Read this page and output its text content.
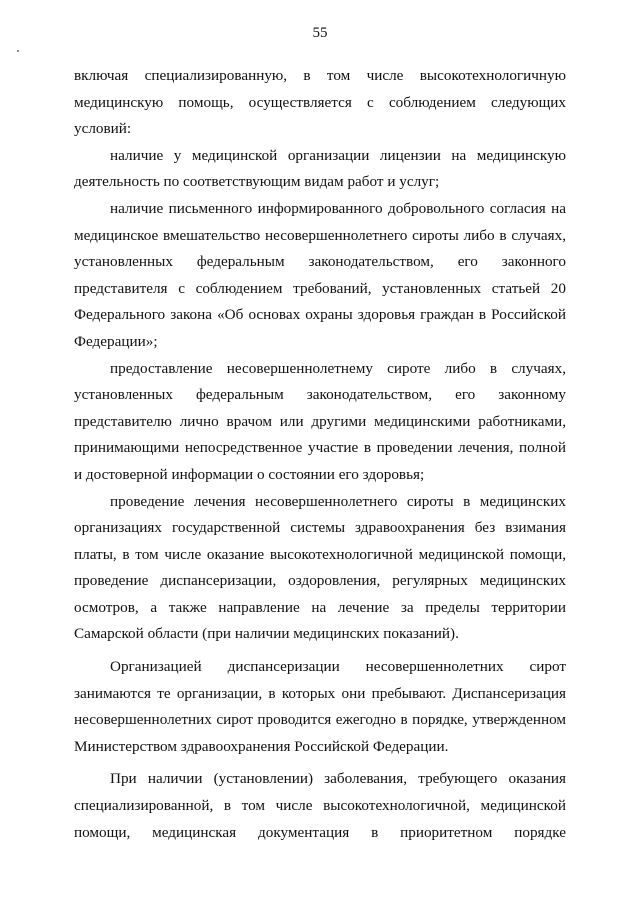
55

включая специализированную, в том числе высокотехнологичную медицинскую помощь, осуществляется с соблюдением следующих условий:

наличие у медицинской организации лицензии на медицинскую деятельность по соответствующим видам работ и услуг;

наличие письменного информированного добровольного согласия на медицинское вмешательство несовершеннолетнего сироты либо в случаях, установленных федеральным законодательством, его законного представителя с соблюдением требований, установленных статьей 20 Федерального закона «Об основах охраны здоровья граждан в Российской Федерации»;

предоставление несовершеннолетнему сироте либо в случаях, установленных федеральным законодательством, его законному представителю лично врачом или другими медицинскими работниками, принимающими непосредственное участие в проведении лечения, полной и достоверной информации о состоянии его здоровья;

проведение лечения несовершеннолетнего сироты в медицинских организациях государственной системы здравоохранения без взимания платы, в том числе оказание высокотехнологичной медицинской помощи, проведение диспансеризации, оздоровления, регулярных медицинских осмотров, а также направление на лечение за пределы территории Самарской области (при наличии медицинских показаний).

Организацией диспансеризации несовершеннолетних сирот занимаются те организации, в которых они пребывают. Диспансеризация несовершеннолетних сирот проводится ежегодно в порядке, утвержденном Министерством здравоохранения Российской Федерации.

При наличии (установлении) заболевания, требующего оказания специализированной, в том числе высокотехнологичной, медицинской помощи, медицинская документация в приоритетном порядке
